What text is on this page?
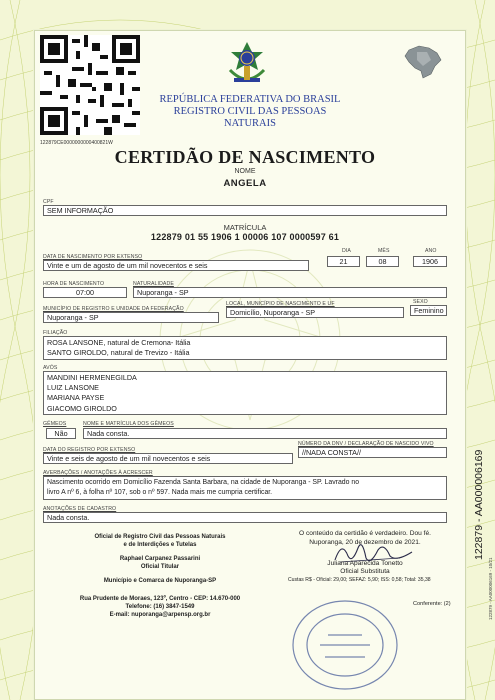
122879CE0000000000400821W
REPÚBLICA FEDERATIVA DO BRASIL
REGISTRO CIVIL DAS PESSOAS NATURAIS
CERTIDÃO DE NASCIMENTO
NOME
ANGELA
CPF
SEM INFORMAÇÃO
MATRÍCULA
122879 01 55 1906 1 00006 107 0000597 61
DATA DE NASCIMENTO POR EXTENSO
Vinte e um de agosto de um mil novecentos e seis
DIA
21
MÊS
08
ANO
1906
HORA DE NASCIMENTO
07:00
NATURALIDADE
Nuporanga - SP
MUNICÍPIO DE REGISTRO E UNIDADE DA FEDERAÇÃO
Nuporanga - SP
LOCAL, MUNICÍPIO DE NASCIMENTO E UF
Domicílio, Nuporanga - SP
SEXO
Feminino
FILIAÇÃO
ROSA LANSONE, natural de Cremona- Itália
SANTO GIROLDO, natural de Trevizo - Itália
AVÓS
MANDINI HERMENEGILDA
LUIZ LANSONE
MARIANA PAYSE
GIACOMO GIROLDO
GÊMEOS
Não
NOME E MATRÍCULA DOS GÊMEOS
Nada consta.
DATA DO REGISTRO POR EXTENSO
Vinte e seis de agosto de um mil novecentos e seis
NÚMERO DA DNV / DECLARAÇÃO DE NASCIDO VIVO
//NADA CONSTA//
AVERBAÇÕES / ANOTAÇÕES À ACRESCER
Nascimento ocorrido em Domicílio Fazenda Santa Barbara, na cidade de Nuporanga - SP. Lavrado no
livro A nº 6, à folha nº 107, sob o nº 597. Nada mais me cumpria certificar.
ANOTAÇÕES DE CADASTRO
Nada consta.
Oficial de Registro Civil das Pessoas Naturais
e de Interdições e Tutelas
Raphael Carpanez Passarini
Oficial Titular
Município e Comarca de Nuporanga-SP
Rua Prudente de Moraes, 123º, Centro - CEP: 14.670-000
Telefone: (16) 3847-1549
E-mail: nuporanga@arpensp.org.br
O conteúdo da certidão é verdadeiro. Dou fé.
Nuporanga, 20 de dezembro de 2021.
Juliana Aparecida Tonetto
Oficial Substituta
Custas R$ - Oficial: 29,00; SEFAZ: 5,90; ISS: 0,58; Total: 35,38
Conferente: (2)
122879 - AA000006169
122879 - AA000006169 - 10/21
